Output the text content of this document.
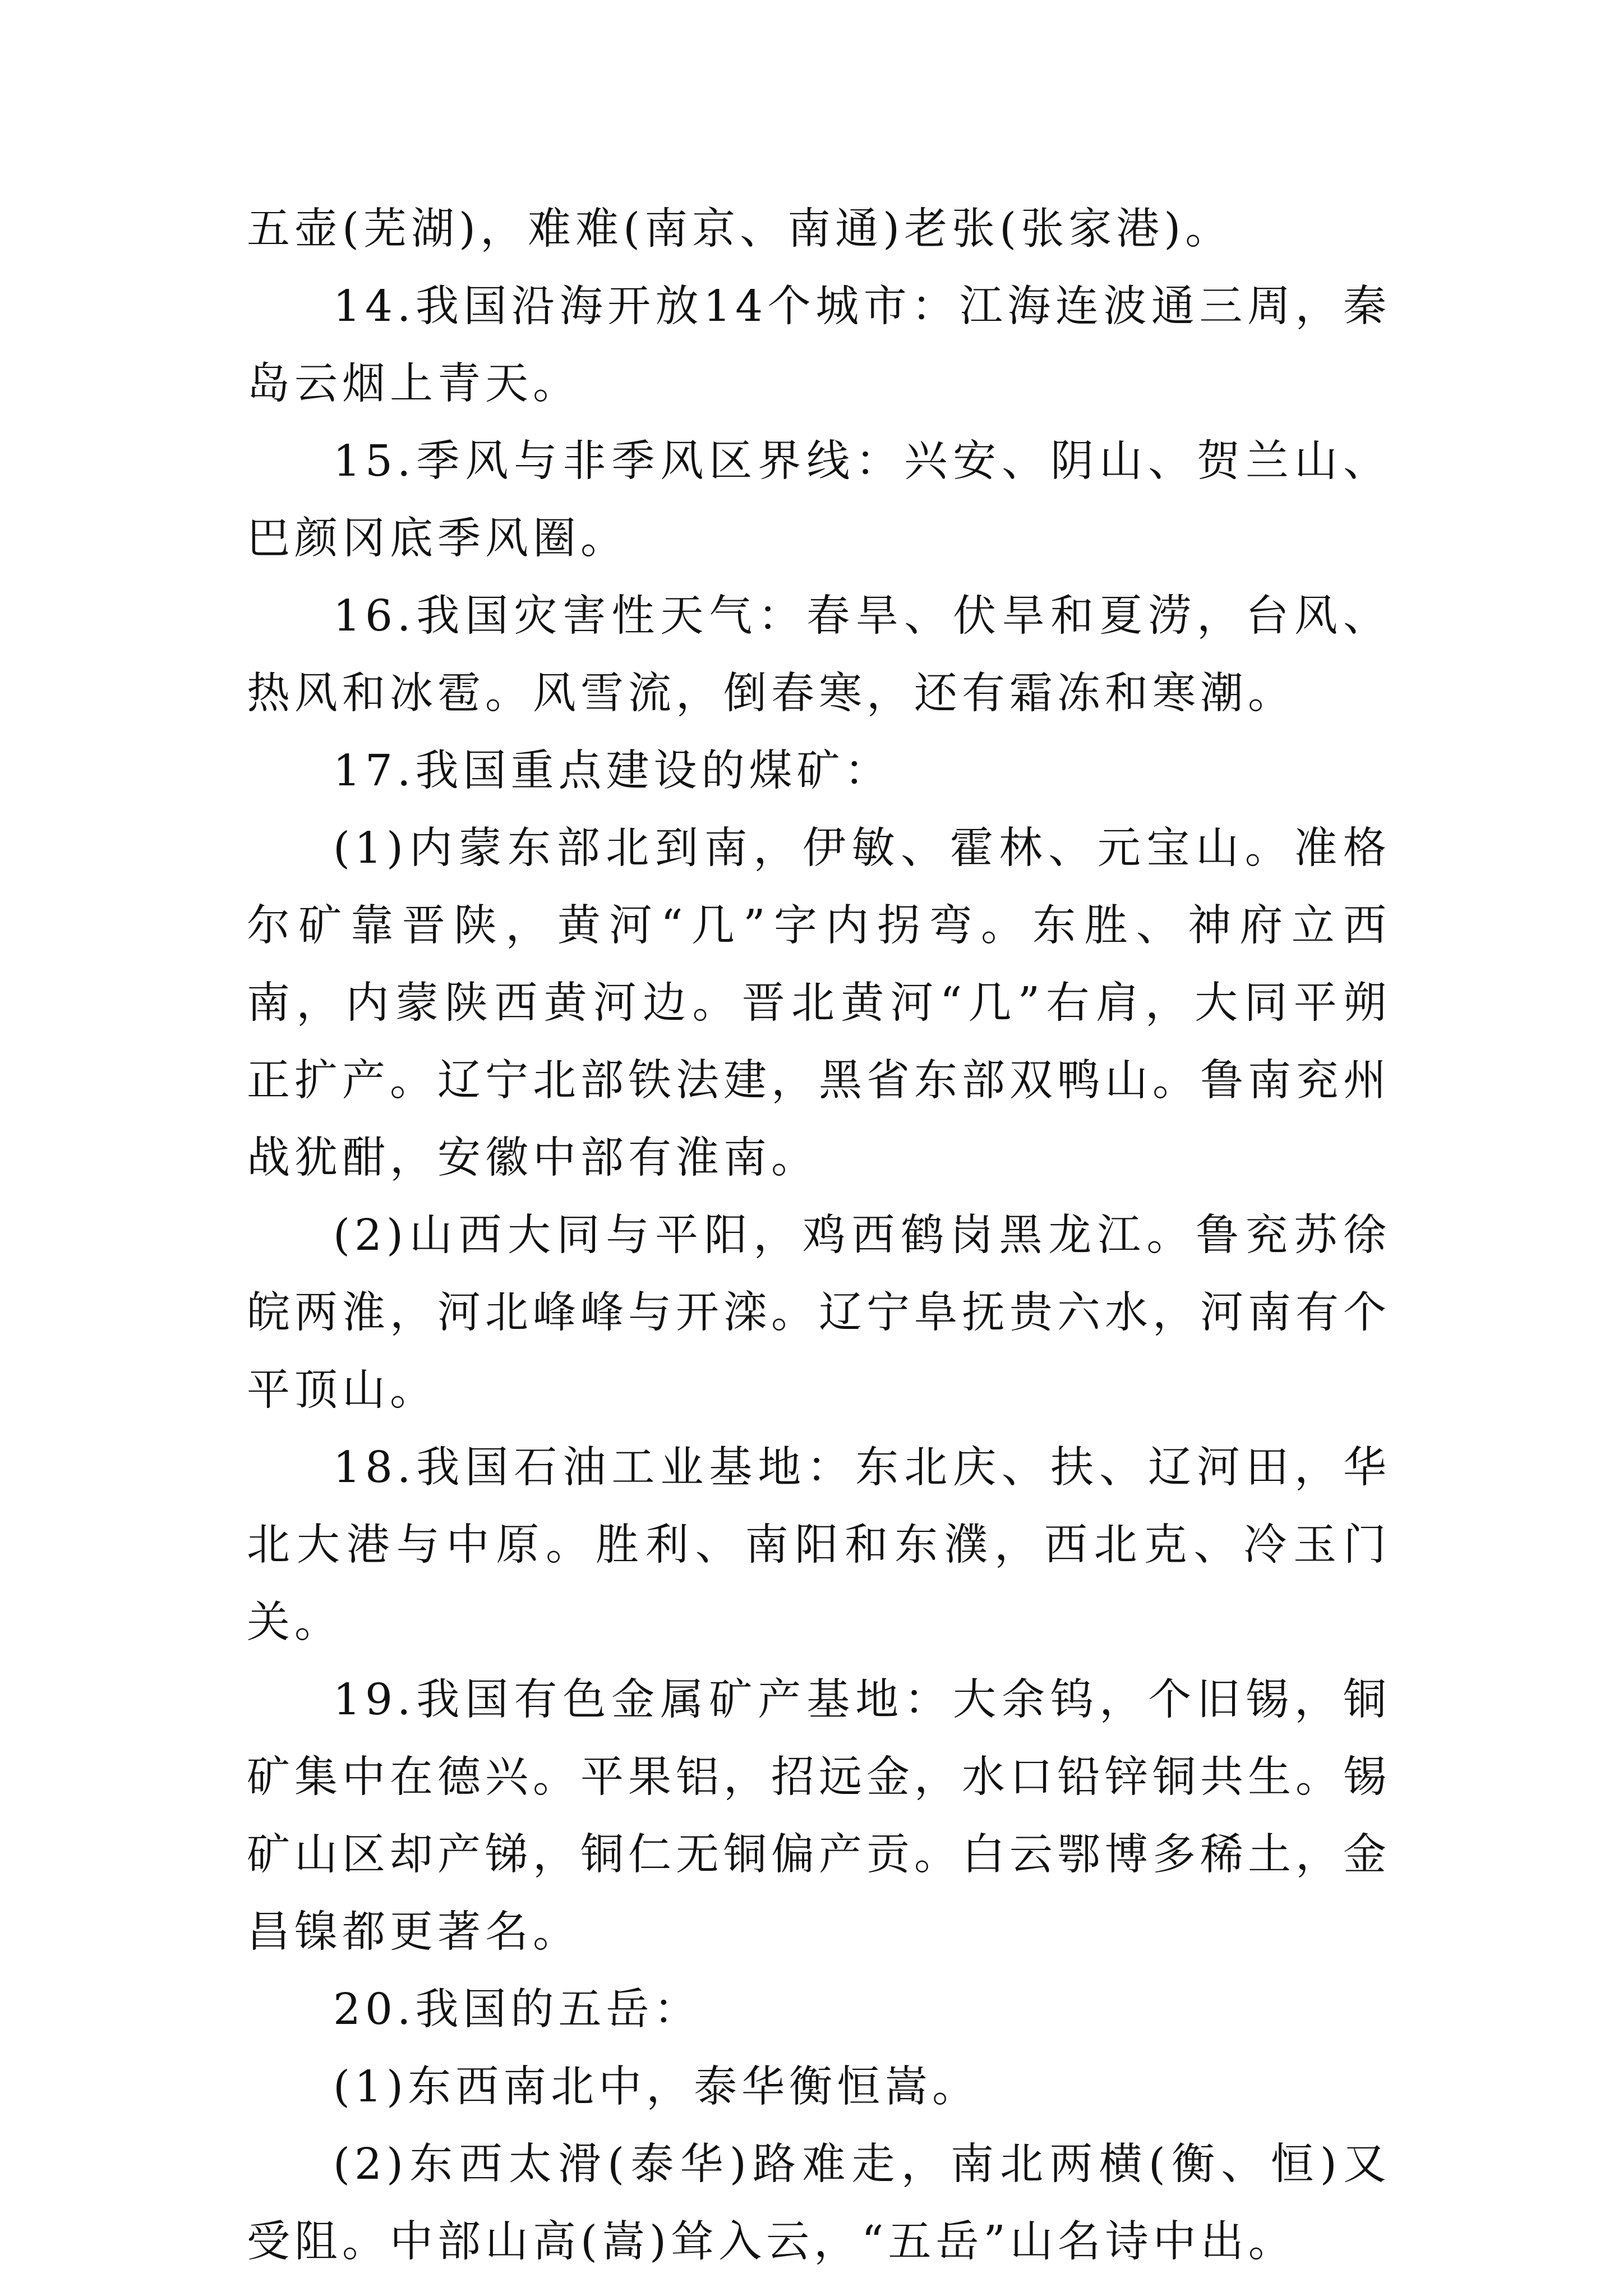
五壶(芜湖)，难难(南京、南通)老张(张家港)。

14.我国沿海开放14个城市：江海连波通三周，秦岛云烟上青天。

15.季风与非季风区界线：兴安、阴山、贺兰山、巴颜冈底季风圈。

16.我国灾害性天气：春旱、伏旱和夏涝，台风、热风和冰雹。风雪流，倒春寒，还有霜冻和寒潮。

17.我国重点建设的煤矿：

(1)内蒙东部北到南，伊敏、霍林、元宝山。准格尔矿靠晋陕，黄河“几”字内拐弯。东胜、神府立西南，内蒙陕西黄河边。晋北黄河“几”右肩，大同平朔正扩产。辽宁北部铁法建，黑省东部双鸭山。鲁南兖州战犹酣，安徽中部有淮南。

(2)山西大同与平阳，鸡西鹤岗黑龙江。鲁兖苏徐皖两淮，河北峰峰与开滦。辽宁阜抚贵六水，河南有个平顶山。

18.我国石油工业基地：东北庆、扶、辽河田，华北大港与中原。胜利、南阳和东濮，西北克、冷玉门关。

19.我国有色金属矿产基地：大余钨，个旧锡，铜矿集中在德兴。平果铝，招远金，水口铅锌铜共生。锡矿山区却产锑，铜仁无铜偏产贡。白云鄂博多稀土，金昌镍都更著名。

20.我国的五岳：

(1)东西南北中，泰华衡恒嵩。

(2)东西太滑(泰华)路难走，南北两横(衡、恒)又受阻。中部山高(嵩)耸入云，“五岳”山名诗中出。
